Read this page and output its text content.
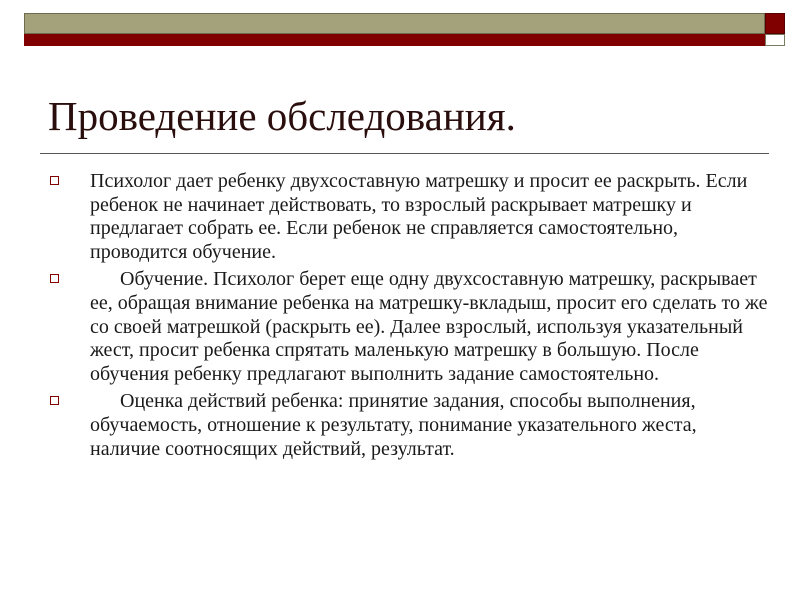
Проведение обследования.
Психолог дает ребенку двухсоставную матрешку и просит ее раскрыть. Если ребенок не начинает действовать, то взрослый раскрывает матрешку и предлагает собрать ее. Если ребенок не справляется самостоятельно, проводится обучение.
Обучение. Психолог берет еще одну двухсоставную матрешку, раскрывает ее, обращая внимание ребенка на матрешку-вкладыш, просит его сделать то же со своей матрешкой (раскрыть ее). Далее взрослый, используя указательный жест, просит ребенка спрятать маленькую матрешку в большую. После обучения ребенку предлагают выполнить задание самостоятельно.
Оценка действий ребенка: принятие задания, способы выполнения, обучаемость, отношение к результату, понимание указательного жеста, наличие соотносящих действий, результат.
